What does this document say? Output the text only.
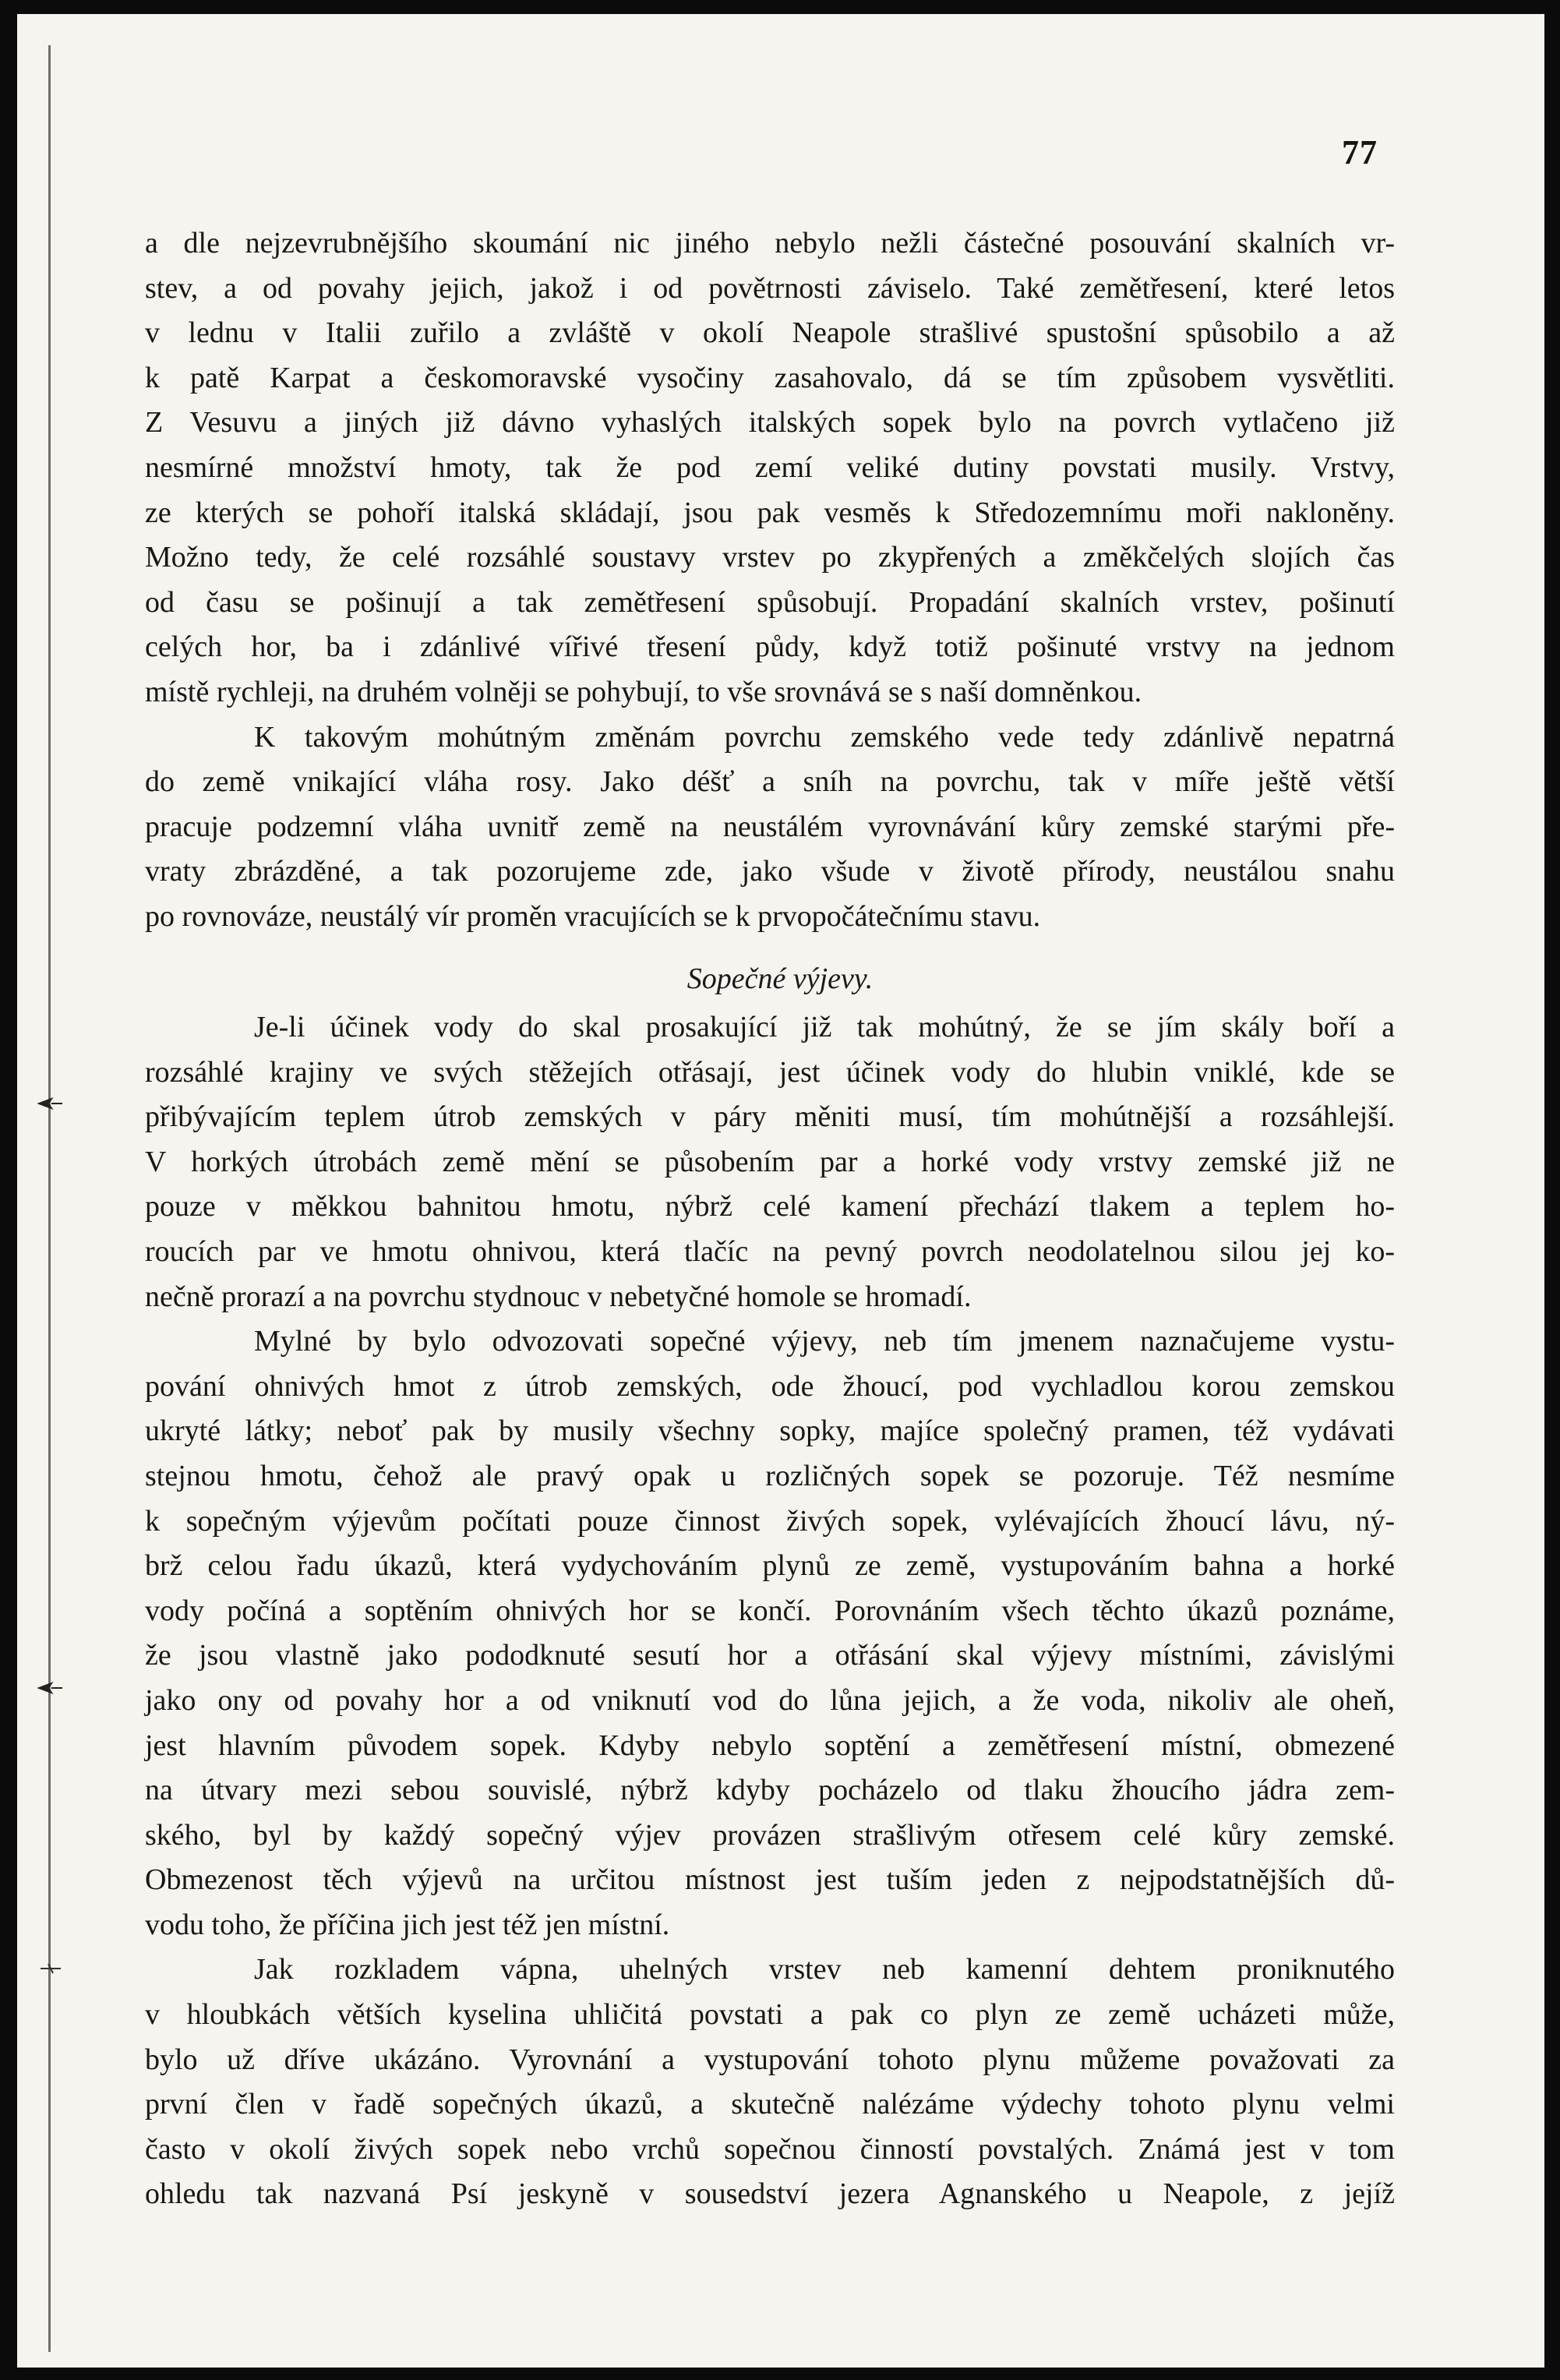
77
a dle nejzevrubnějšího skoumání nic jiného nebylo nežli částečné posouvání skalních vr-
stev, a od povahy jejich, jakož i od povětrnosti záviselo. Také zemětřesení, které letos
v lednu v Italii zuřilo a zvláště v okolí Neapole strašlivé spustošní spůsobilo a až
k patě Karpat a českomoravské vysočiny zasahovalo, dá se tím způsobem vysvětliti.
Z Vesuvu a jiných již dávno vyhaslých italských sopek bylo na povrch vytlačeno již
nesmírné množství hmoty, tak že pod zemí veliké dutiny povstati musily. Vrstvy,
ze kterých se pohoří italská skládají, jsou pak vesměs k Středozemnímu moři nakloněny.
Možno tedy, že celé rozsáhlé soustavy vrstev po zkypřených a změkčelých slojích čas
od času se pošinují a tak zemětřesení spůsobují. Propadání skalních vrstev, pošinutí
celých hor, ba i zdánlivé vířivé třesení půdy, když totiž pošinuté vrstvy na jednom
místě rychleji, na druhém volněji se pohybují, to vše srovnává se s naší domněnkou.
K takovým mohútným změnám povrchu zemského vede tedy zdánlivě nepatrná
do země vnikající vláha rosy. Jako déšť a sníh na povrchu, tak v míře ještě větší
pracuje podzemní vláha uvnitř země na neustálém vyrovnávání kůry zemské starými pře-
vraty zbrázděné, a tak pozorujeme zde, jako všude v životě přírody, neustálou snahu
po rovnováze, neustálý vír proměn vracujících se k prvopočátečnímu stavu.
Sopečné výjevy.
Je-li účinek vody do skal prosakující již tak mohútný, že se jím skály boří a
rozsáhlé krajiny ve svých stěžejích otřásají, jest účinek vody do hlubin vniklé, kde se
přibývajícím teplem útrob zemských v páry měniti musí, tím mohútnější a rozsáhlejší.
V horkých útrobách země mění se působením par a horké vody vrstvy zemské již ne
pouze v měkkou bahnitou hmotu, nýbrž celé kamení přechází tlakem a teplem ho-
roucích par ve hmotu ohnivou, která tlačíc na pevný povrch neodolatelnou silou jej ko-
nečně prorazí a na povrchu stydnouc v nebetyčné homole se hromadí.
Mylné by bylo odvozovati sopečné výjevy, neb tím jmenem naznačujeme vystu-
pování ohnivých hmot z útrob zemských, ode žhoucí, pod vychladlou korou zemskou
ukryté látky; neboť pak by musily všechny sopky, majíce společný pramen, též vydávati
stejnou hmotu, čehož ale pravý opak u rozličných sopek se pozoruje. Též nesmíme
k sopečným výjevům počítati pouze činnost živých sopek, vylévajících žhoucí lávu, ný-
brž celou řadu úkazů, která vydychováním plynů ze země, vystupováním bahna a horké
vody počíná a soptěním ohnivých hor se končí. Porovnáním všech těchto úkazů poznáme,
že jsou vlastně jako pododknuté sesutí hor a otřásání skal výjevy místními, závislými
jako ony od povahy hor a od vniknutí vod do lůna jejich, a že voda, nikoliv ale oheň,
jest hlavním původem sopek. Kdyby nebylo soptění a zemětřesení místní, obmezené
na útvary mezi sebou souvislé, nýbrž kdyby pocházelo od tlaku žhoucího jádra zem-
ského, byl by každý sopečný výjev provázen strašlivým otřesem celé kůry zemské.
Obmezenost těch výjevů na určitou místnost jest tuším jeden z nejpodstatnějších dů-
vodu toho, že příčina jich jest též jen místní.
Jak rozkladem vápna, uhelných vrstev neb kamenní dehtem proniknutého
v hloubkách větších kyselina uhličitá povstati a pak co plyn ze země ucházeti může,
bylo už dříve ukázáno. Vyrovnání a vystupování tohoto plynu můžeme považovati za
první člen v řadě sopečných úkazů, a skutečně nalézáme výdechy tohoto plynu velmi
často v okolí živých sopek nebo vrchů sopečnou činností povstalých. Známá jest v tom
ohledu tak nazvaná Psí jeskyně v sousedství jezera Agnanského u Neapole, z jejíž
